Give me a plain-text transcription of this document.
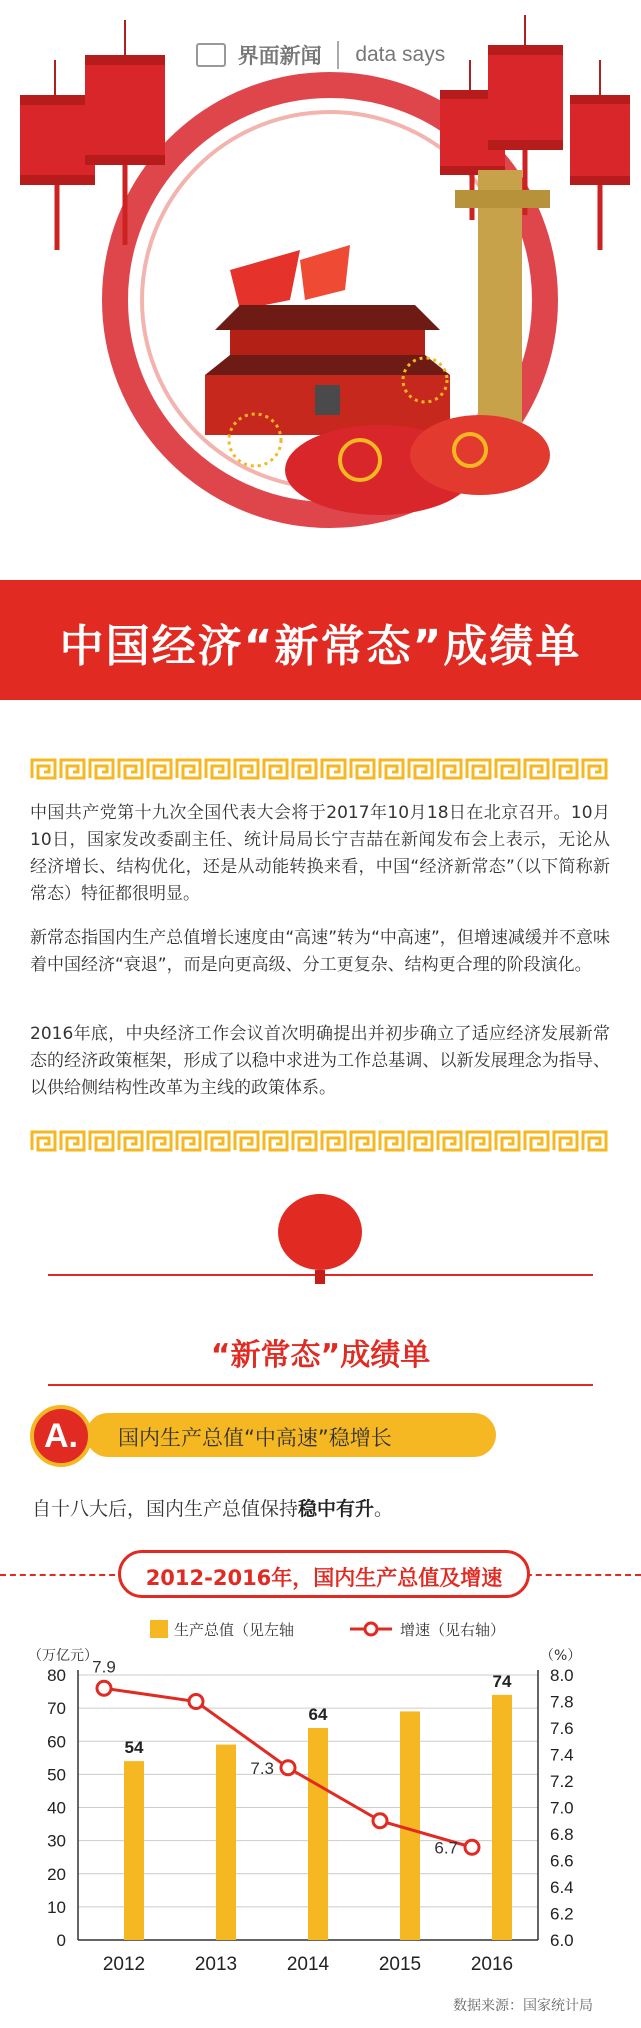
界面新闻 data says
中国经济“新常态”成绩单
中国共产党第十九次全国代表大会将于2017年10月18日在北京召开。10月10日，国家发改委副主任、统计局局长宁吉喆在新闻发布会上表示，无论从经济增长、结构优化，还是从动能转换来看，中国“经济新常态”（以下简称新常态）特征都很明显。
新常态指国内生产总值增长速度由“高速”转为“中高速”，但增速减缓并不意味着中国经济“衰退”，而是向更高级、分工更复杂、结构更合理的阶段演化。
2016年底，中央经济工作会议首次明确提出并初步确立了适应经济发展新常态的经济政策框架，形成了以稳中求进为工作总基调、以新发展理念为指导、以供给侧结构性改革为主线的政策体系。
“新常态”成绩单
国内生产总值“中高速”稳增长
A.
自十八大后，国内生产总值保持稳中有升。
2012-2016年，国内生产总值及增速
生产总值（见左轴	增速（见右轴）
（万亿元）	（%）
0
10
20
30
40
50
60
70
80
6.0
6.2
6.4
6.6
6.8
7.0
7.2
7.4
7.6
7.8
8.0
54
64
74
7.9
7.3
6.7
2012	2013	2014	2015	2016
数据来源：国家统计局
